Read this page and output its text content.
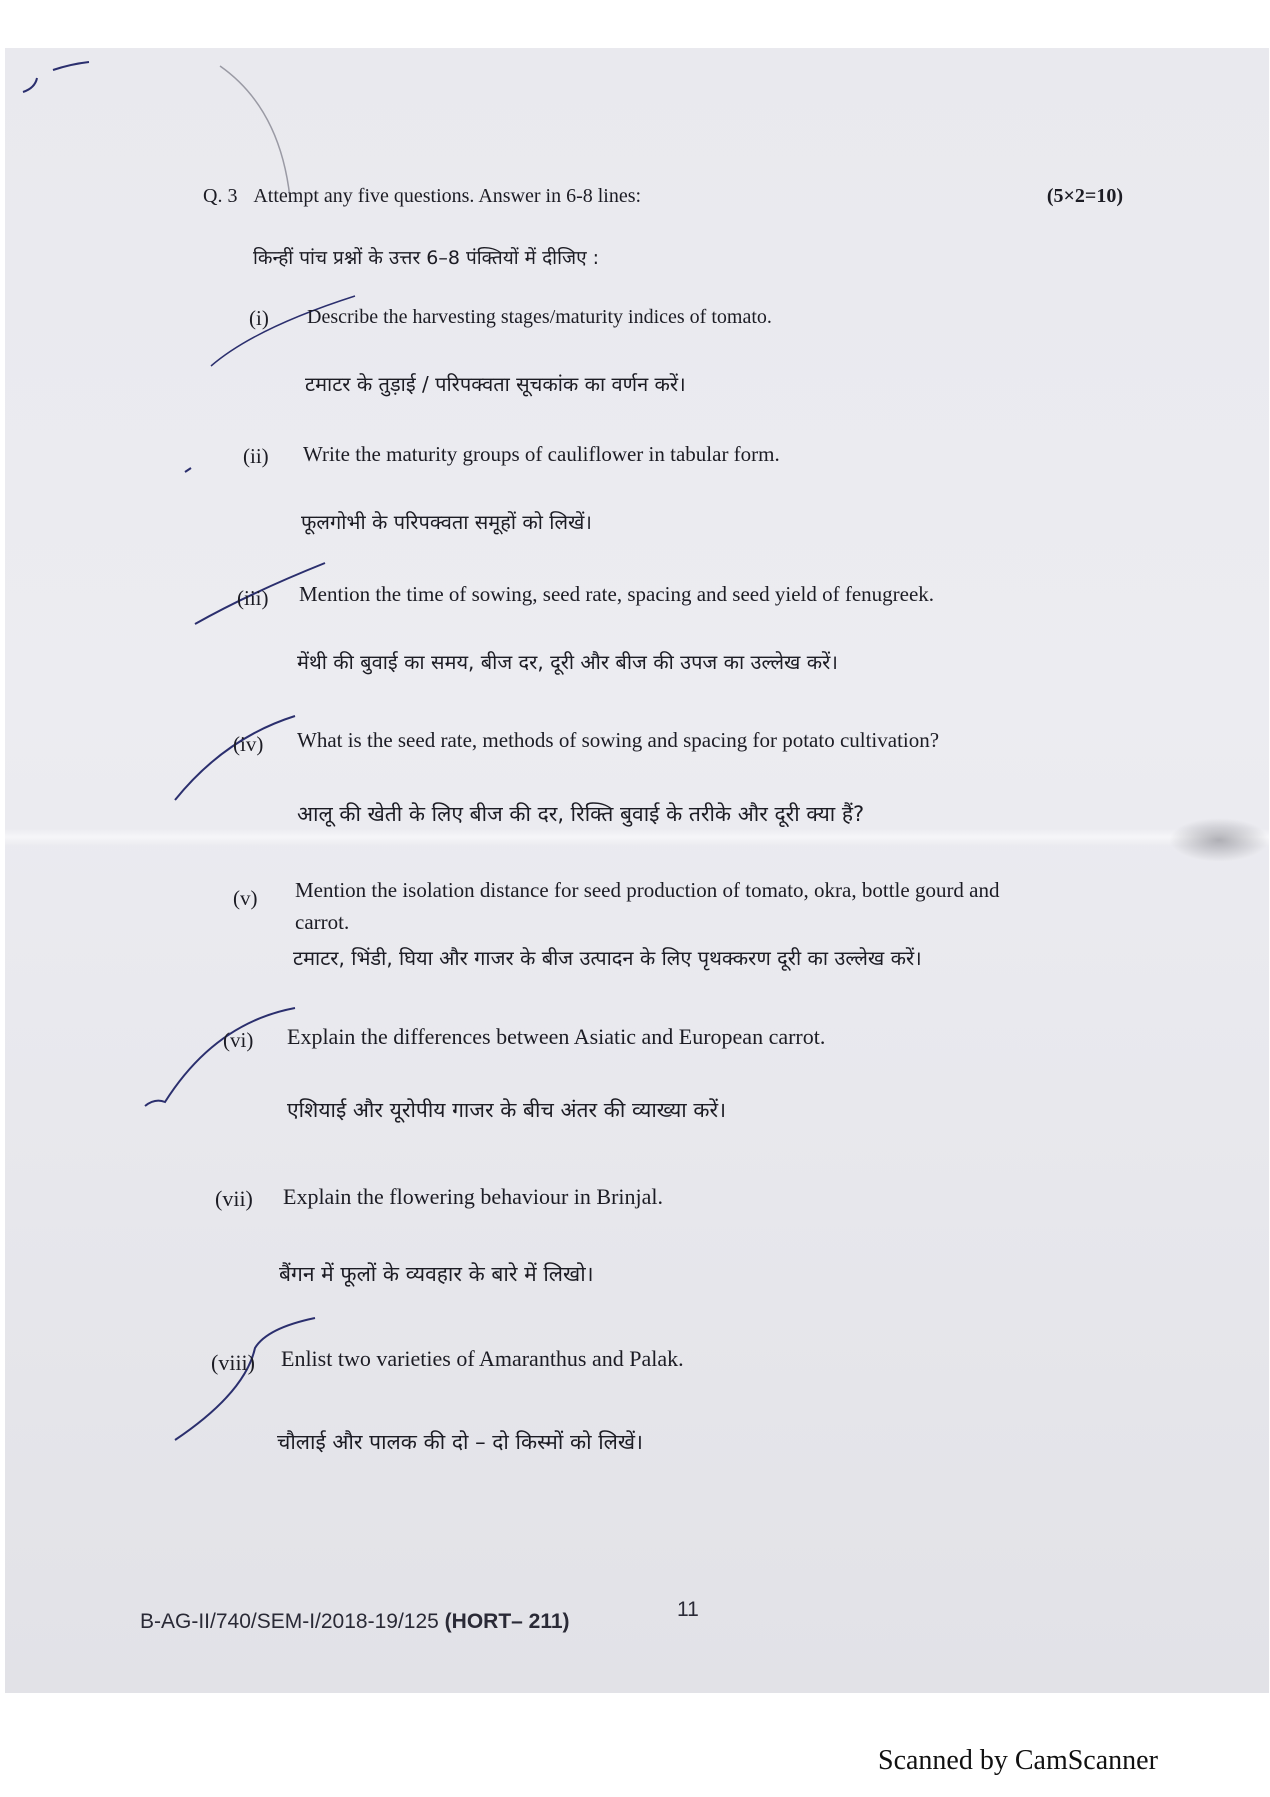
Q. 3 Attempt any five questions. Answer in 6-8 lines:	(5×2=10)
किन्हीं पांच प्रश्नों के उत्तर 6–8 पंक्तियों में दीजिए :
(i) Describe the harvesting stages/maturity indices of tomato.
टमाटर के तुड़ाई / परिपक्वता सूचकांक का वर्णन करें।
(ii) Write the maturity groups of cauliflower in tabular form.
फूलगोभी के परिपक्वता समूहों को लिखें।
(iii) Mention the time of sowing, seed rate, spacing and seed yield of fenugreek.
मेंथी की बुवाई का समय, बीज दर, दूरी और बीज की उपज का उल्लेख करें।
(iv) What is the seed rate, methods of sowing and spacing for potato cultivation?
आलू की खेती के लिए बीज की दर, रिक्ति बुवाई के तरीके और दूरी क्या हैं?
(v) Mention the isolation distance for seed production of tomato, okra, bottle gourd and
carrot.
टमाटर, भिंडी, घिया और गाजर के बीज उत्पादन के लिए पृथक्करण दूरी का उल्लेख करें।
(vi) Explain the differences between Asiatic and European carrot.
एशियाई और यूरोपीय गाजर के बीच अंतर की व्याख्या करें।
(vii) Explain the flowering behaviour in Brinjal.
बैंगन में फूलों के व्यवहार के बारे में लिखो।
(viii) Enlist two varieties of Amaranthus and Palak.
चौलाई और पालक की दो – दो किस्मों को लिखें।
B-AG-II/740/SEM-I/2018-19/125 (HORT– 211)
11
Scanned by CamScanner
